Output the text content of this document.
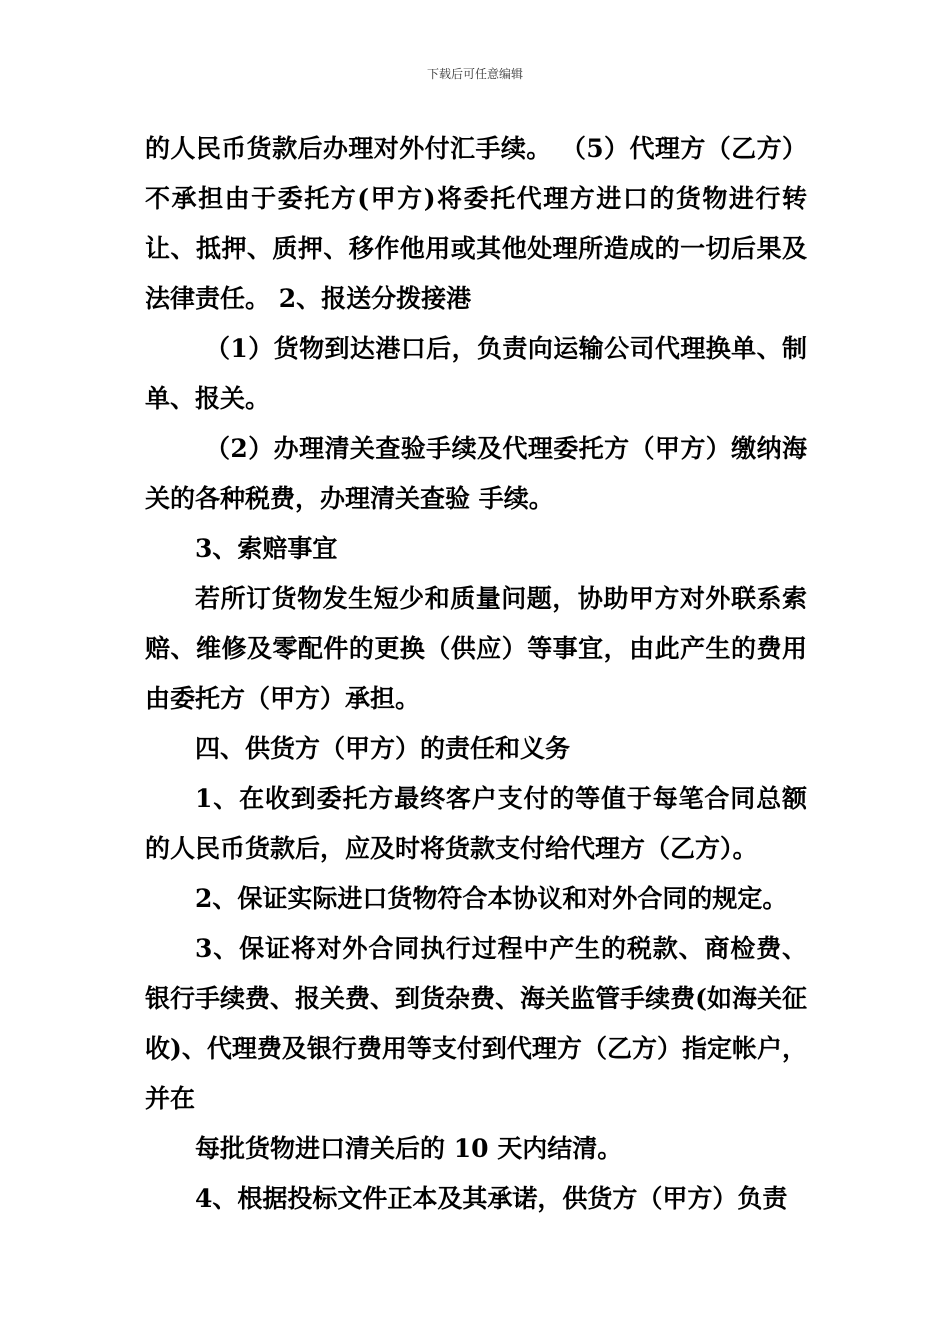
下载后可任意编辑

的人民币货款后办理对外付汇手续。 （5）代理方（乙方）不承担由于委托方(甲方)将委托代理方进口的货物进行转让、抵押、质押、移作他用或其他处理所造成的一切后果及法律责任。 2、报送分拨接港

（1）货物到达港口后，负责向运输公司代理换单、制单、报关。

（2）办理清关查验手续及代理委托方（甲方）缴纳海关的各种税费，办理清关查验 手续。

3、索赔事宜

若所订货物发生短少和质量问题，协助甲方对外联系索赔、维修及零配件的更换（供应）等事宜，由此产生的费用由委托方（甲方）承担。

四、供货方（甲方）的责任和义务

1、在收到委托方最终客户支付的等值于每笔合同总额的人民币货款后，应及时将货款支付给代理方（乙方）。

2、保证实际进口货物符合本协议和对外合同的规定。

3、保证将对外合同执行过程中产生的税款、商检费、银行手续费、报关费、到货杂费、海关监管手续费(如海关征收)、代理费及银行费用等支付到代理方（乙方）指定帐户，并在

每批货物进口清关后的 10 天内结清。

4、根据投标文件正本及其承诺，供货方（甲方）负责
